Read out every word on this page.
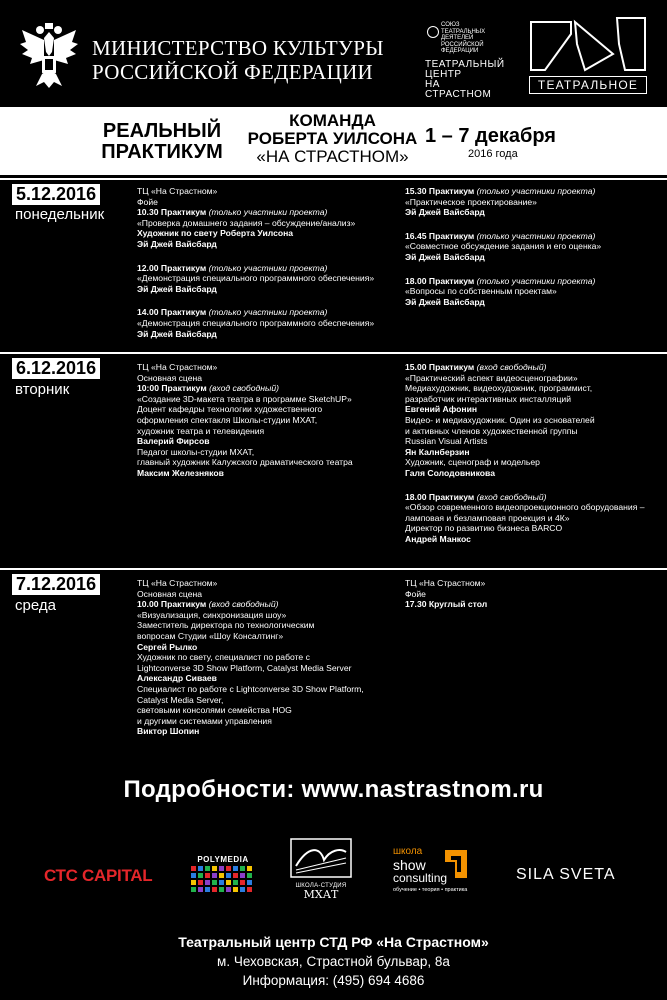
МИНИСТЕРСТВО КУЛЬТУРЫ
РОССИЙСКОЙ ФЕДЕРАЦИИ
СОЮЗ
ТЕАТРАЛЬНЫХ
ДЕЯТЕЛЕЙ
РОССИЙСКОЙ
ФЕДЕРАЦИИ
ТЕАТРАЛЬНЫЙ
ЦЕНТР
НА СТРАСТНОМ
ТЕАТРАЛЬНОЕ
РЕАЛЬНЫЙ
ПРАКТИКУМ
КОМАНДА
РОБЕРТА УИЛСОНА
«НА СТРАСТНОМ»
1 – 7 декабря
2016 года
5.12.2016
понедельник
ТЦ «На Страстном»
Фойе
10.30 Практикум (только участники проекта)
«Проверка домашнего задания – обсуждение/анализ»
Художник по свету Роберта Уилсона
Эй Джей Вайсбард
12.00 Практикум (только участники проекта)
«Демонстрация специального программного обеспечения»
Эй Джей Вайсбард
14.00 Практикум (только участники проекта)
«Демонстрация специального программного обеспечения»
Эй Джей Вайсбард
15.30 Практикум (только участники проекта)
«Практическое проектирование»
Эй Джей Вайсбард
16.45 Практикум (только участники проекта)
«Совместное обсуждение задания и его оценка»
Эй Джей Вайсбард
18.00 Практикум (только участники проекта)
«Вопросы по собственным проектам»
Эй Джей Вайсбард
6.12.2016
вторник
ТЦ «На Страстном»
Основная сцена
10:00 Практикум (вход свободный)
«Создание 3D-макета театра в программе SketchUP»
Доцент кафедры технологии художественного
оформления спектакля Школы-студии МХАТ,
художник театра и телевидения
Валерий Фирсов
Педагог школы-студии МХАТ,
главный художник Калужского драматического театра
Максим Железняков
15.00 Практикум (вход свободный)
«Практический аспект видеосценографии»
Медиахудожник, видеохудожник, программист,
разработчик интерактивных инсталляций
Евгений Афонин
Видео- и медиахудожник. Один из основателей
и активных членов художественной группы
Russian Visual Artists
Ян Калнберзин
Художник, сценограф и модельер
Галя Солодовникова
18.00 Практикум (вход свободный)
«Обзор современного видеопроекционного оборудования –
ламповая и безламповая проекция и 4К»
Директор по развитию бизнеса BARCO
Андрей Манкос
7.12.2016
среда
ТЦ «На Страстном»
Основная сцена
10.00 Практикум (вход свободный)
«Визуализация, синхронизация шоу»
Заместитель директора по технологическим
вопросам Студии «Шоу Консалтинг»
Сергей Рылко
Художник по свету, специалист по работе с
Lightconverse 3D Show Platform, Catalyst Media Server
Александр Сиваев
Специалист по работе с Lightconverse 3D Show Platform,
Catalyst Media Server,
световыми консолями семейства HOG
и другими системами управления
Виктор Шопин
ТЦ «На Страстном»
Фойе
17.30 Круглый стол
Подробности: www.nastrastnom.ru
СТС CAPITAL
POLYMEDIA
ШКОЛА-СТУДИЯ
МХАТ
школа
show
consulting
обучение • теория • практика
SILA SVETA
Театральный центр СТД РФ «На Страстном»
м. Чеховская, Страстной бульвар, 8а
Информация: (495) 694 4686
